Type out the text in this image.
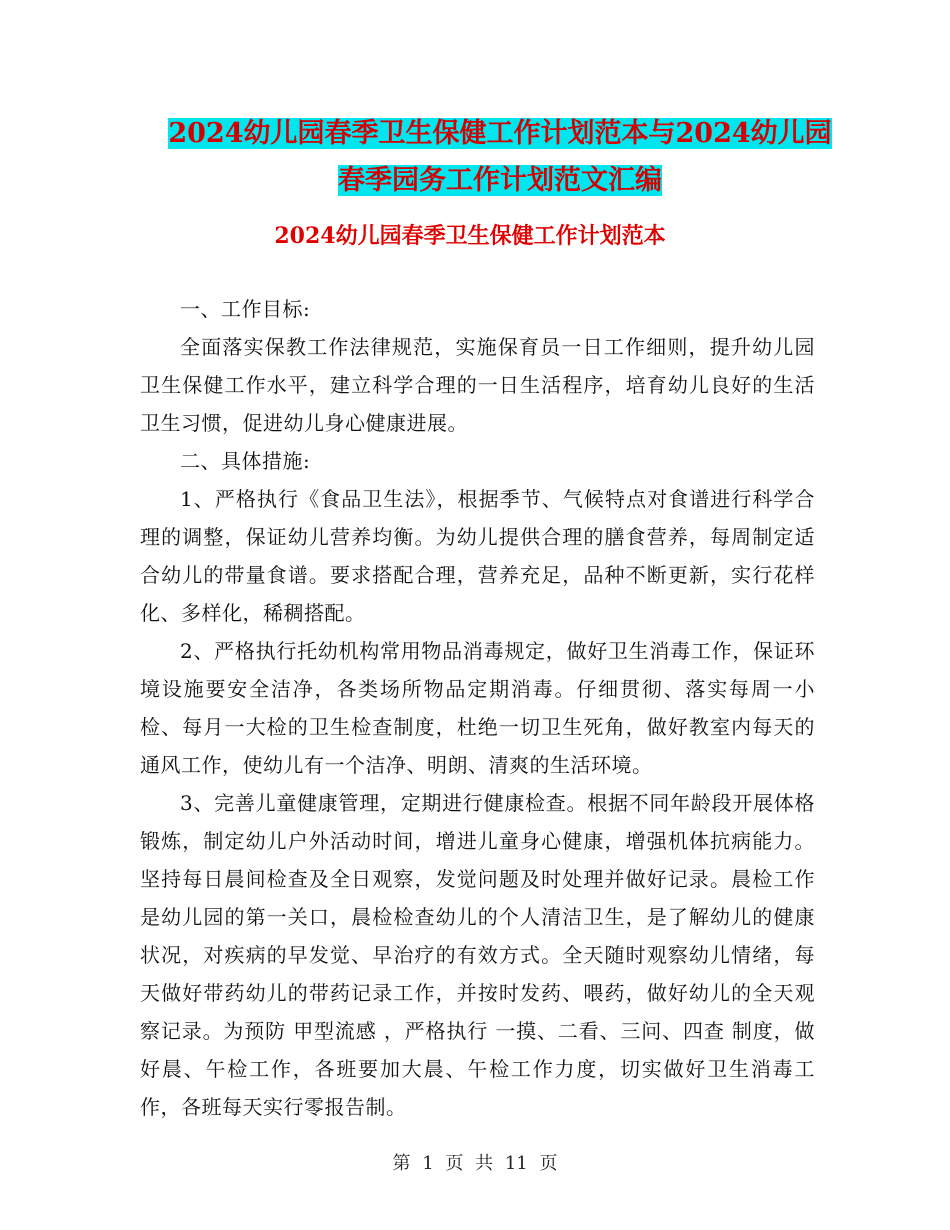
2024幼儿园春季卫生保健工作计划范本与2024幼儿园
春季园务工作计划范文汇编
2024幼儿园春季卫生保健工作计划范本

一、工作目标:

全面落实保教工作法律规范，实施保育员一日工作细则，提升幼儿园卫生保健工作水平，建立科学合理的一日生活程序，培育幼儿良好的生活卫生习惯，促进幼儿身心健康进展。

二、具体措施:

1、严格执行《食品卫生法》，根据季节、气候特点对食谱进行科学合理的调整，保证幼儿营养均衡。为幼儿提供合理的膳食营养，每周制定适合幼儿的带量食谱。要求搭配合理，营养充足，品种不断更新，实行花样化、多样化，稀稠搭配。

2、严格执行托幼机构常用物品消毒规定，做好卫生消毒工作，保证环境设施要安全洁净，各类场所物品定期消毒。仔细贯彻、落实每周一小检、每月一大检的卫生检查制度，杜绝一切卫生死角，做好教室内每天的通风工作，使幼儿有一个洁净、明朗、清爽的生活环境。

3、完善儿童健康管理，定期进行健康检查。根据不同年龄段开展体格锻炼，制定幼儿户外活动时间，增进儿童身心健康，增强机体抗病能力。坚持每日晨间检查及全日观察，发觉问题及时处理并做好记录。晨检工作是幼儿园的第一关口，晨检检查幼儿的个人清洁卫生，是了解幼儿的健康状况，对疾病的早发觉、早治疗的有效方式。全天随时观察幼儿情绪，每天做好带药幼儿的带药记录工作，并按时发药、喂药，做好幼儿的全天观察记录。为预防 甲型流感 ，严格执行 一摸、二看、三问、四查 制度，做好晨、午检工作，各班要加大晨、午检工作力度，切实做好卫生消毒工作，各班每天实行零报告制。

第 1 页 共 11 页
